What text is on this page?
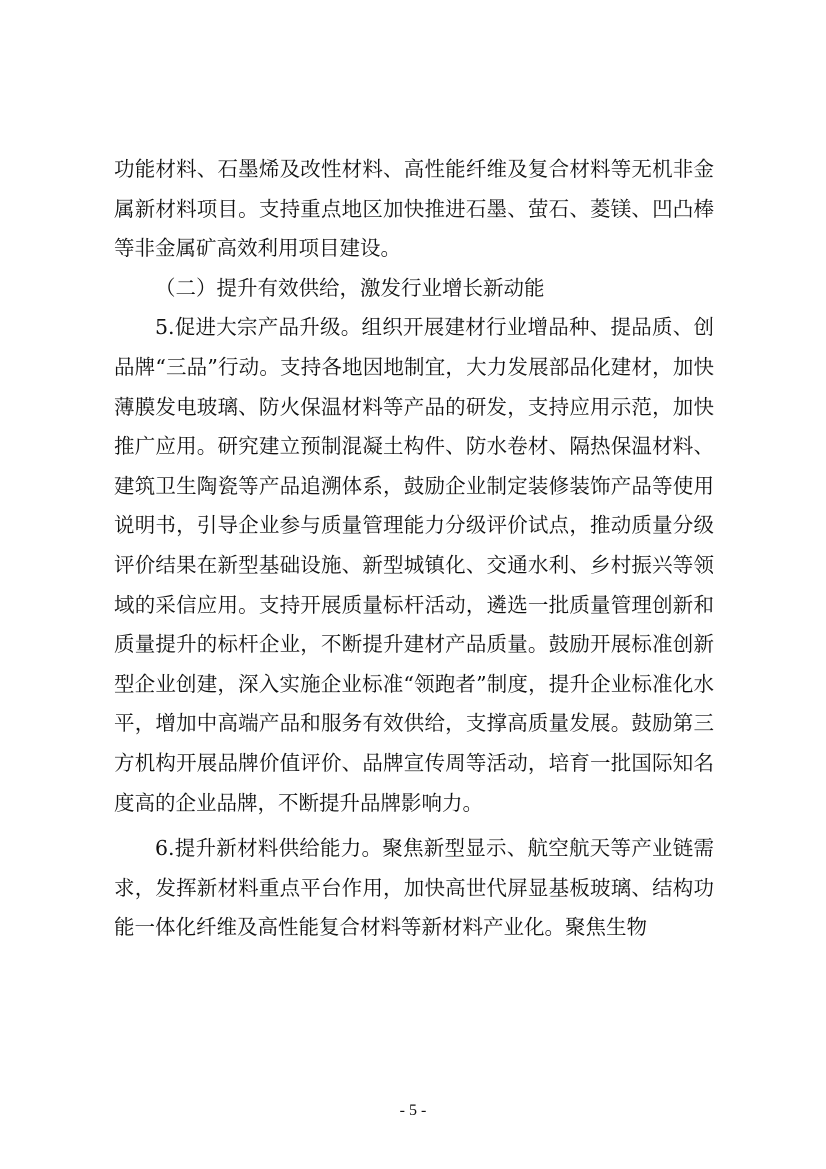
功能材料、石墨烯及改性材料、高性能纤维及复合材料等无机非金属新材料项目。支持重点地区加快推进石墨、萤石、菱镁、凹凸棒等非金属矿高效利用项目建设。

（二）提升有效供给，激发行业增长新动能

5.促进大宗产品升级。组织开展建材行业增品种、提品质、创品牌“三品”行动。支持各地因地制宜，大力发展部品化建材，加快薄膜发电玻璃、防火保温材料等产品的研发，支持应用示范，加快推广应用。研究建立预制混凝土构件、防水卷材、隔热保温材料、建筑卫生陶瓷等产品追溯体系，鼓励企业制定装修装饰产品等使用说明书，引导企业参与质量管理能力分级评价试点，推动质量分级评价结果在新型基础设施、新型城镇化、交通水利、乡村振兴等领域的采信应用。支持开展质量标杆活动，遴选一批质量管理创新和质量提升的标杆企业，不断提升建材产品质量。鼓励开展标准创新型企业创建，深入实施企业标准“领跑者”制度，提升企业标准化水平，增加中高端产品和服务有效供给，支撑高质量发展。鼓励第三方机构开展品牌价值评价、品牌宣传周等活动，培育一批国际知名度高的企业品牌，不断提升品牌影响力。

6.提升新材料供给能力。聚焦新型显示、航空航天等产业链需求，发挥新材料重点平台作用，加快高世代屏显基板玻璃、结构功能一体化纤维及高性能复合材料等新材料产业化。聚焦生物

- 5 -
